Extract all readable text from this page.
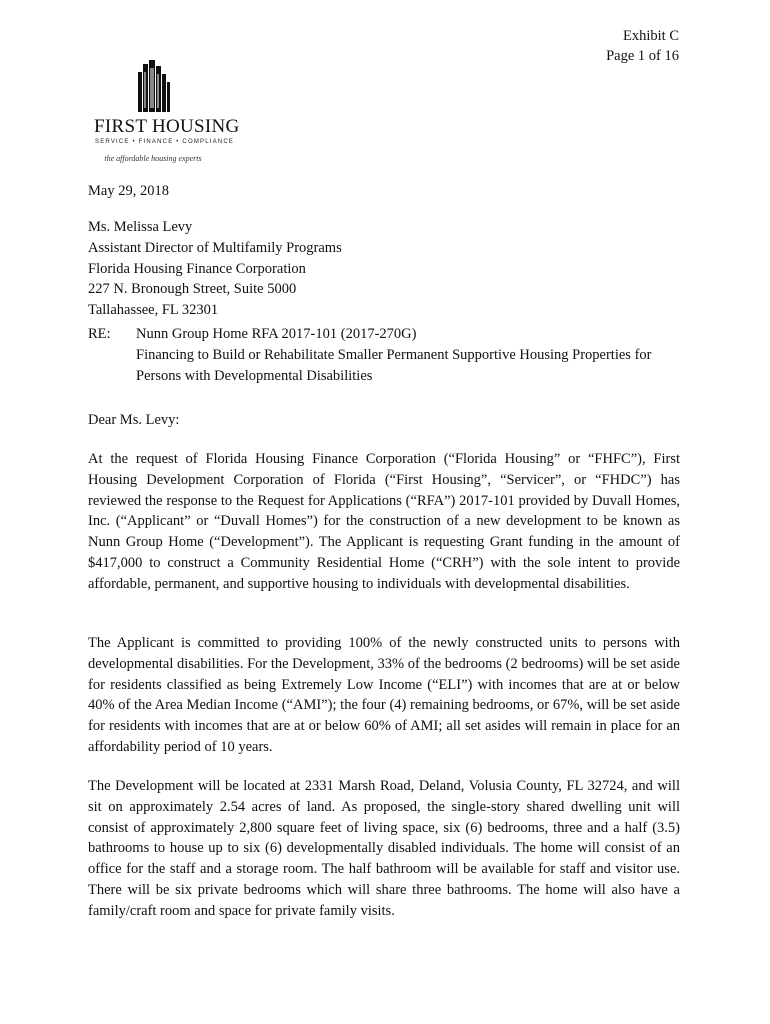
Exhibit C
Page 1 of 16
FIRST HOUSING
SERVICE • FINANCE • COMPLIANCE
the affordable housing experts
May 29, 2018
Ms. Melissa Levy
Assistant Director of Multifamily Programs
Florida Housing Finance Corporation
227 N. Bronough Street, Suite 5000
Tallahassee, FL 32301
RE: Nunn Group Home RFA 2017-101 (2017-270G)
Financing to Build or Rehabilitate Smaller Permanent Supportive Housing Properties for
Persons with Developmental Disabilities
Dear Ms. Levy:
At the request of Florida Housing Finance Corporation (“Florida Housing” or “FHFC”), First Housing Development Corporation of Florida (“First Housing”, “Servicer”, or “FHDC”) has reviewed the response to the Request for Applications (“RFA”) 2017-101 provided by Duvall Homes, Inc. (“Applicant” or “Duvall Homes”) for the construction of a new development to be known as Nunn Group Home (“Development”). The Applicant is requesting Grant funding in the amount of $417,000 to construct a Community Residential Home (“CRH”) with the sole intent to provide affordable, permanent, and supportive housing to individuals with developmental disabilities.
The Applicant is committed to providing 100% of the newly constructed units to persons with developmental disabilities. For the Development, 33% of the bedrooms (2 bedrooms) will be set aside for residents classified as being Extremely Low Income (“ELI”) with incomes that are at or below 40% of the Area Median Income (“AMI”); the four (4) remaining bedrooms, or 67%, will be set aside for residents with incomes that are at or below 60% of AMI; all set asides will remain in place for an affordability period of 10 years.
The Development will be located at 2331 Marsh Road, Deland, Volusia County, FL 32724, and will sit on approximately 2.54 acres of land. As proposed, the single-story shared dwelling unit will consist of approximately 2,800 square feet of living space, six (6) bedrooms, three and a half (3.5) bathrooms to house up to six (6) developmentally disabled individuals. The home will consist of an office for the staff and a storage room. The half bathroom will be available for staff and visitor use. There will be six private bedrooms which will share three bathrooms. The home will also have a family/craft room and space for private family visits.
